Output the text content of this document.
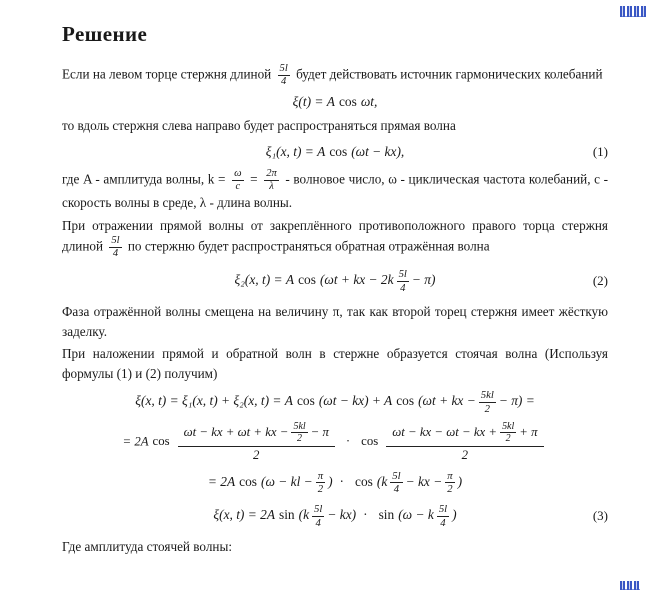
Решение

Если на левом торце стержня длиной $\frac{5l}{4}$ будет действовать источник гармонических колебаний

ξ(t) = A cos ωt,

то вдоль стержня слева направо будет распространяться прямая волна

ξ₁(x, t) = A cos (ωt − kx),	(1)

где A - амплитуда волны, $k = \frac{\omega}{c} = \frac{2\pi}{\lambda}$ - волновое число, ω - циклическая частота колебаний, c - скорость волны в среде, λ - длина волны.

При отражении прямой волны от закреплённого противоположного правого торца стержня длиной $\frac{5l}{4}$ по стержню будет распространяться обратная отражённая волна

ξ₂(x, t) = A cos (ωt + kx − $2k \frac{5l}{4} - \pi$)	(2)

Фаза отражённой волны смещена на величину π, так как второй торец стержня имеет жёсткую заделку.

При наложении прямой и обратной волн в стержне образуется стоячая волна (Используя формулы (1) и (2) получим)

ξ(x, t) = ξ₁(x, t) + ξ₂(x, t) = A cos (ωt − kx) + A cos (ωt + kx − $\frac{5kl}{2} - \pi$) =
= 2A $\cos \frac{\omega t - kx + \omega t + kx - \frac{5kl}{2} - \pi}{2} \cdot \cos \frac{\omega t - kx - \omega t - kx + \frac{5kl}{2} + \pi}{2}$
= 2A cos (ω − kl − $\frac{\pi}{2}$ ) · $\cos (k \frac{5l}{4}$ − kx − $\frac{\pi}{2}$ )
ξ(x, t) = 2A $\sin (k \frac{5l}{4} - kx) \cdot \sin (\omega - k \frac{5l}{4}$ )	(3)

Где амплитуда стоячей волны:
